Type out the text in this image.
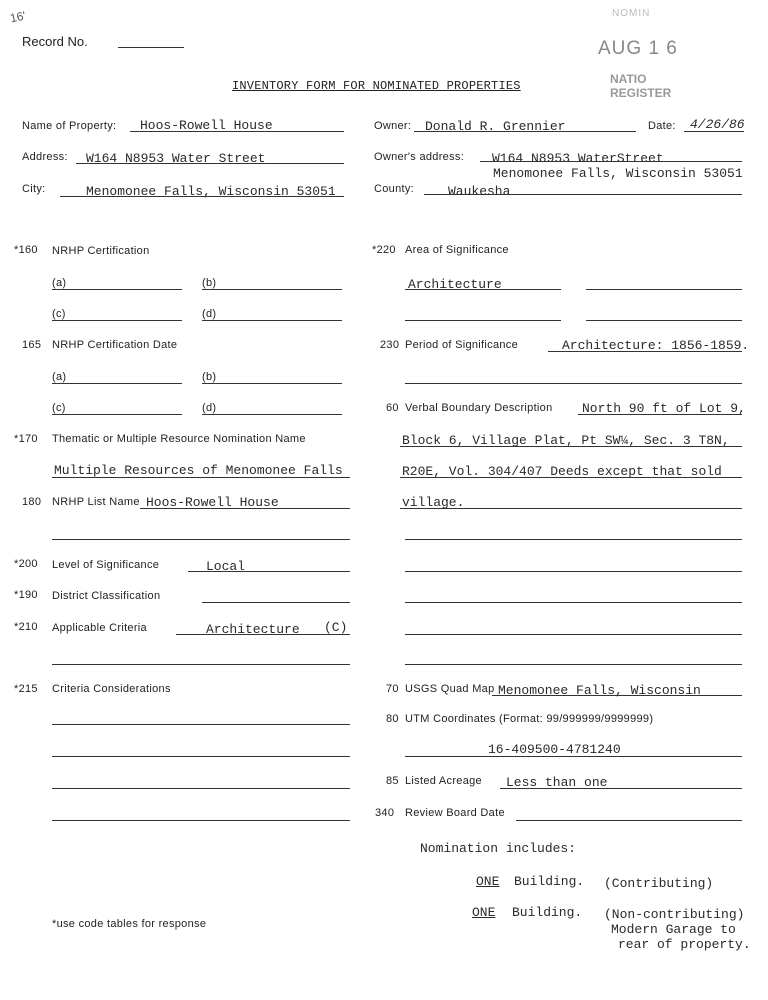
16'
Record No.
NOMIN
AUG 1 6
NATIO
REGISTER
INVENTORY FORM FOR NOMINATED PROPERTIES
Name of Property: Hoos-Rowell House	Owner: Donald R. Grennier	Date: 4/26/86
Address: W164 N8953 Water Street	Owner's address: W164 N8953 WaterStreet
Menomonee Falls, Wisconsin 53051
City:	Menomonee Falls, Wisconsin 53051	County:	Waukesha
*160 NRHP Certification
(a)	(b)
(c)	(d)
165 NRHP Certification Date
(a)	(b)
(c)	(d)
*170 Thematic or Multiple Resource Nomination Name
Multiple Resources of Menomonee Falls
180 NRHP List Name Hoos-Rowell House
*200 Level of Significance	Local
*190 District Classification
*210 Applicable Criteria	Architecture (C)
*215 Criteria Considerations
*use code tables for response
*220 Area of Significance
Architecture
230 Period of Significance	Architecture: 1856-1859.
60 Verbal Boundary Description North 90 ft of Lot 9,
Block 6, Village Plat, Pt SW¼, Sec. 3 T8N,
R20E, Vol. 304/407 Deeds except that sold
village.
70 USGS Quad Map Menomonee Falls, Wisconsin
80 UTM Coordinates (Format: 99/999999/9999999)
16-409500-4781240
85 Listed Acreage Less than one
340 Review Board Date
Nomination includes:
ONE Building. (Contributing)
ONE Building. (Non-contributing)
Modern Garage to
rear of property.
